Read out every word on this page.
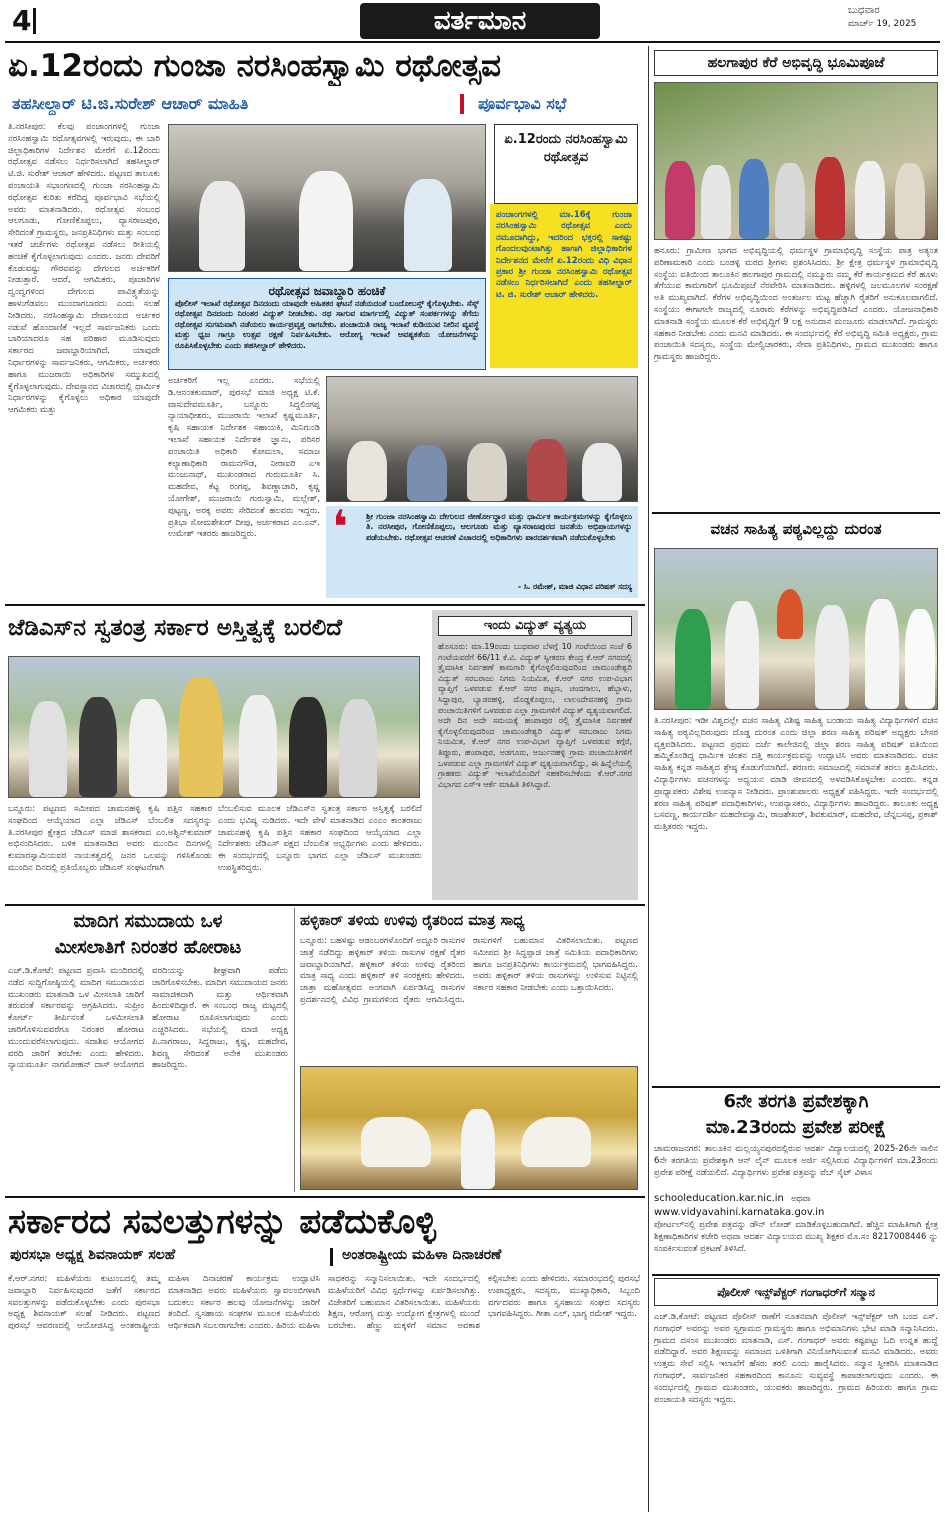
4	ವರ್ತಮಾನ	ಬುಧವಾರ
ಮಾರ್ಚ್ 19, 2025
ಏ.12ರಂದು ಗುಂಜಾ ನರಸಿಂಹಸ್ವಾಮಿ ರಥೋತ್ಸವ
ತಹಸೀಲ್ದಾರ್ ಟಿ.ಜಿ.ಸುರೇಶ್ ಆಚಾರ್ ಮಾಹಿತಿ	ಪೂರ್ವಭಾವಿ ಸಭೆ
ತಿ.ನರಸೀಪುರ: ಕೆಲವು ಪಂಚಾಂಗಗಳಲ್ಲಿ ಗುಂಜಾ ನರಸಿಂಹಸ್ವಾಮಿ ರಥೋತ್ಸವಗಳಲ್ಲಿ ಇರುವುದು, ಈ ಬಾರಿ ಜಿಲ್ಲಾಧಿಕಾರಿಗಳ ನಿರ್ದೇಶನ ಮೇರೆಗೆ ಏ.12ರಂದು ರಥೋತ್ಸವ ನಡೆಸಲು ನಿರ್ಧರಿಸಲಾಗಿದೆ ತಹಸೀಲ್ದಾರ್ ಟಿ.ಜಿ. ಸುರೇಶ್ ಆಚಾರ್ ಹೇಳಿದರು. ಪಟ್ಟಣದ ತಾಲೂಕು ಪಂಚಾಯತಿ ಸಭಾಂಗಣದಲ್ಲಿ ಗುಂಜಾ ನರಸಿಂಹಸ್ವಾಮಿ ರಥೋತ್ಸವ ಕುರಿತು ಕರೆದಿದ್ದ ಪೂರ್ವಭಾವಿ ಸಭೆಯಲ್ಲಿ ಅವರು ಮಾತನಾಡಿದರು. ರಥೋತ್ಸವ ಸಂಬಂಧ ಆಲಗೂಡು, ಗೋಣಿಕೊಪ್ಪಲು, ವ್ಯಾಸರಾಜಪುರ, ಸೇರಿದಂತೆ ಗ್ರಾಮಸ್ಥರು, ಜನಪ್ರತಿನಿಧಿಗಳು ಮತ್ತು ಸಂಬಂಧ ಇತರೆ ಚರ್ಚೆಗಳು ರಥೋತ್ಸವ ನಡೆಸಲು ರೀತಿಯಲ್ಲಿ ಹಂಚಿಕೆ ಕೈಗೊಳ್ಳಲಾಗುವುದು ಎಂದರು. ಜನರು ದೇವರಿಗೆ ಕೊಡುವಷ್ಟು ಗೌರವವನ್ನು ದೇಗುಲದ ಅರ್ಚಕರಿಗೆ ನೀಡುತ್ತಾರೆ. ಆದರೆ, ಆಗಮಿಕರು, ಪೂಜಾರಿಗಳ ದ್ವಂದ್ವಗಳಿಂದ ದೇಗುಲದ ಪಾವಿತ್ರ್ಯತೆಯನ್ನು ಹಾಳುಗೆಡವಲು ಮುಂದಾಗಬಾರದು ಎಂದು ಸಲಹೆ ನೀಡಿದರು. ನರಸಿಂಹಸ್ವಾಮಿ ದೇವಾಲಯದ ಅರ್ಚಕರ ನಡುವೆ ಹೊಂದಾಣಿಕೆ ಇಲ್ಲದೆ ಸಾರ್ವಜನಿಕರು ಒಂದು ಬಾರಿಯಾದರೂ ಸಹ ಪರಿಹಾರ ಮೂಡಿಸುವುದು ಸರ್ಕಾರದ ಜವಾಬ್ದಾರಿಯಾಗಿದೆ. ಯಾವುದೇ ನಿರ್ಧಾರಗಳನ್ನು ಸಾರ್ವಜನಿಕರು, ಆಗಮಿಕರು, ಅರ್ಚಕರು ಹಾಗೂ ಮುಜರಾಯಿ ಅಧಿಕಾರಿಗಳ ಸಮ್ಮುಖದಲ್ಲಿ ಕೈಗೊಳ್ಳಲಾಗುವುದು. ದೇವಸ್ಥಾನದ ವಿಚಾರದಲ್ಲಿ ಧಾರ್ಮಿಕ ನಿರ್ಧಾರಗಳನ್ನು ಕೈಗೊಳ್ಳಲು ಅಧಿಕಾರ ಯಾವುದೇ ಆಗಮಿಕರು ಮತ್ತು
ಏ.12ರಂದು ನರಸಿಂಹಸ್ವಾಮಿ ರಥೋತ್ಸವ
ಪಂಚಾಂಗಗಳಲ್ಲಿ ಮಾ.16ಕ್ಕೆ ಗುಂಜಾ ನರಸಿಂಹಸ್ವಾಮಿ ರಥೋತ್ಸವ ಎಂದು ನಮೂದಾಗಿದ್ದು, ಇದರಿಂದ ಭಕ್ತರಲ್ಲಿ ಸಾಕಷ್ಟು ಗೊಂದಲವುಂಟಾಗಿತ್ತು ಹಾಗಾಗಿ ಜಿಲ್ಲಾಧಿಕಾರಿಗಳ ನಿರ್ದೇಶನದ ಮೇರೆಗೆ ಏ.12ರಂದು ವಿಧಿ ವಿಧಾನ ಪ್ರಕಾರ ಶ್ರೀ ಗುಂಜಾ ನರಸಿಂಹಸ್ವಾಮಿ ರಥೋತ್ಸವ ನಡೆಸಲು ನಿರ್ಧರಿಸಲಾಗಿದೆ ಎಂದು ತಹಸೀಲ್ದಾರ್ ಟಿ. ಜಿ. ಸುರೇಶ್ ಆಚಾರ್ ಹೇಳಿದರು.
ರಥೋತ್ಸವ ಜವಾಬ್ದಾರಿ ಹಂಚಿಕೆ
ಪೊಲೀಸ್ ಇಲಾಖೆ ರಥೋತ್ಸವ ದಿನದಂದು ಯಾವುದೇ ಅಹಿತಕರ ಘಟನೆ ನಡೆಯದಂತೆ ಬಂದೋಬಸ್ತ್ ಕೈಗೊಳ್ಳಬೇಕು. ಸೆಸ್ಕ್ ರಥೋತ್ಸವ ದಿನದಂದು ನಿರಂತರ ವಿದ್ಯುತ್ ನೀಡಬೇಕು. ರಥ ಸಾಗುವ ಮಾರ್ಗದಲ್ಲಿ ವಿದ್ಯುತ್ ಸಂಪರ್ಕಗಳನ್ನು ತೆಗೆದು ರಥೋತ್ಸವ ಸುಗಮವಾಗಿ ನಡೆಯಲು ಕಾರ್ಯಪ್ರವೃತ್ತ ರಾಗಬೇಕು. ಪಂಚಾಯಿತಿ ರಾಜ್ಯ ಇಲಾಖೆ ಕುಡಿಯುವ ನೀರಿನ ವ್ಯವಸ್ಥೆ ಮತ್ತು ಧ್ವಜ ಗಾಗ್ರೂ ಉತ್ಸವ ರಕ್ಷಣೆ ನಿರ್ವಹಿಸಬೇಕು. ಆರೋಗ್ಯ ಇಲಾಖೆ ಅವಶ್ಯಕತೆಯ ಯೋಜನೆಗಳನ್ನು ರೂಪಿಸಿಕೊಳ್ಳಬೇಕು ಎಂದು ತಹಸೀಲ್ದಾರ್ ಹೇಳಿದರು.
ಅರ್ಚಕರಿಗೆ ಇಲ್ಲ ಎಂದರು. ಸಭೆಯಲ್ಲಿ ಡಿ.ಆನಂತಕುಮಾರ್, ಪುರಸಭೆ ಮಾಜಿ ಅಧ್ಯಕ್ಷ ಟಿ.ಕೆ. ವಾಸುದೇವಮೂರ್ತಿ, ಬನ್ನೂರು ಸಿದ್ದಲಿಂಗಪ್ಪ ನ್ಯಾಯಾಧೀಶರು, ಮುಜರಾಯಿ ಇಲಾಖೆ ಕೃಷ್ಣಮೂರ್ತಿ, ಕೃಷಿ ಸಹಾಯಕ ನಿರ್ದೇಶಕ ಸಹಾಯಕಿ, ಮಿನಿಗುಂಡಿ ಇಲಾಖೆ ಸಹಾಯಕ ನಿರ್ದೇಶಕ ಜ್ಞಾನು, ಪರಿಸರ ಪಂಚಾಯಿತಿ ಅಧಿಕಾರಿ ಕೋಮಲಾ, ಸಮಾಜ ಕಲ್ಯಾಣಾಧಿಕಾರಿ ರಾಮನಗೌಡ, ನೀರಾವರಿ ಎಇ ಮಂಜುನಾಥ್, ಮುಖಂಡರಾದ ಗುರುಮೂರ್ತಿ ಸಿ. ಮಹದೇವ, ಕೆಟ್ಟ ರಂಗಪ್ಪ, ಶಿವಣ್ಣಾಚಾರಿ, ಕೃಷ್ಣ ಯೋಗೇಶ್, ಮುಜರಾಯಿ ಗುರುಸ್ವಾಮಿ, ಮಲ್ಲೇಶ್, ಪುಟ್ಟಣ್ಣ, ಅರಕ್ಕ ಅವರು ಸೇರಿದಂತೆ ಹಲವರು ಇದ್ದರು. ಪ್ರತಿಭಾ ಸೋಮಶೇಖರ್ ದೀಪು, ಅರ್ಚಕರಾದ ಎಂ.ಎನ್. ಉಮೇಶ್ ಇತರರು ಹಾಜರಿದ್ದರು.	❛ ಶ್ರೀ ಗುಂಜಾ ನರಸಿಂಹಸ್ವಾಮಿ ದೇಗುಲದ ಜೀರ್ಣೋದ್ಧಾರ ಮತ್ತು ಧಾರ್ಮಿಕ ಕಾರ್ಯಕ್ರಮಗಳನ್ನು ಕೈಗೊಳ್ಳಲು ತಿ. ನರಸೀಪುರ, ಗೋಣಿಕೊಪ್ಪಲು, ಆಲಗೂಡು ಮತ್ತು ವ್ಯಾಸರಾಜಪುರದ ಜನತೆಯ ಅಭಿಪ್ರಾಯಗಳನ್ನು ಪಡೆಯಬೇಕು. ರಥೋತ್ಸವ ಆಚರಣೆ ವಿಚಾರದಲ್ಲಿ ಅಧಿಕಾರಿಗಳು ಪಾರದರ್ಶಕವಾಗಿ ನಡೆದುಕೊಳ್ಳಬೇಕು
- ಸಿ. ರಮೇಶ್, ಮಾಜಿ ವಿಧಾನ ಪರಿಷತ್ ಸದಸ್ಯ
ಜೆಡಿಎಸ್‌ನ ಸ್ವತಂತ್ರ ಸರ್ಕಾರ ಅಸ್ತಿತ್ವಕ್ಕೆ ಬರಲಿದೆ
ಬನ್ನೂರು: ಪಟ್ಟಣದ ಸಮೀಪದ ಚಾಮನಹಳ್ಳಿ ಕೃಷಿ ಪತ್ತಿನ ಸಹಕಾರ ಸಂಘದಿಂದ ಆಯ್ಕೆಯಾದ ಎಲ್ಲಾ ಜೆಡಿಎಸ್ ಬೆಂಬಲಿತ ಸದಸ್ಯರನ್ನು ತಿ.ನರಸೀಪುರ ಕ್ಷೇತ್ರದ ಜೆಡಿಎಸ್ ಮಾಜಿ ಶಾಸಕರಾದ ಎಂ.ಅಶ್ವಿನ್‌ಕುಮಾರ್ ಅಭಿನಂದಿಸಿದರು. ಬಳಿಕ ಮಾತನಾಡಿದ ಅವರು ಮುಂದಿನ ದಿನಗಳಲ್ಲಿ ಕುಮಾರಸ್ವಾಮಿಯವರ ನಾಯಕತ್ವದಲ್ಲಿ ಜನರ ಒಲವನ್ನು ಗಳಿಸಿಕೊಂಡು ಮುಂದಿನ ದಿನದಲ್ಲಿ ಪ್ರತಿಯೊಬ್ಬರು ಜೆಡಿಎಸ್ ಸಂಘಟನೆಗಾಗಿ
ಬೆಂಬಲಿಸುವ ಮೂಲಕ ಜೆಡಿಎಸ್‌ನ ಸ್ವತಂತ್ರ ಸರ್ಕಾರ ಅಸ್ತಿತ್ವಕ್ಕೆ ಬರಲಿದೆ ಎಂದು ಭವಿಷ್ಯ ನುಡಿದರು. ಇದೇ ವೇಳೆ ಮಾತನಾಡಿದ ಎಂಎಂ ಕಾಂತರಾಜು ಚಾಮನಹಳ್ಳಿ ಕೃಷಿ ಪತ್ತಿನ ಸಹಕಾರ ಸಂಘದಿಂದ ಆಯ್ಕೆಯಾದ ಎಲ್ಲಾ ನಿರ್ದೇಶಕರು ಜೆಡಿಎಸ್ ಪಕ್ಷದ ಬೆಂಬಲಿತ ಅಭ್ಯರ್ಥಿಗಳು ಎಂದು ಹೇಳಿದರು. ಈ ಸಂದರ್ಭದಲ್ಲಿ ಬನ್ನೂರು ಭಾಗದ ಎಲ್ಲಾ ಜೆಡಿಎಸ್ ಮುಖಂಡರು ಉಪಸ್ಥಿತರಿದ್ದರು.
ಇಂದು ವಿದ್ಯುತ್ ವ್ಯತ್ಯಯ
ಹೊಸೂರು: ಮಾ.19ರಂದು ಬುಧವಾರ ಬೆಳಗ್ಗೆ 10 ಗಂಟೆಯಿಂದ ಸಂಜೆ 6 ಗಂಟೆಯವರೆಗೆ 66/11 ಕೆ.ವಿ. ವಿದ್ಯುತ್ ಸ್ವೀಕರಣ ಕೇಂದ್ರ ಕೆ.ಆರ್ ನಗರದಲ್ಲಿ ತ್ರೈಮಾಸಿಕ ನಿರ್ವಹಣೆ ಕಾಮಗಾರಿ ಕೈಗೊಳ್ಳಲಿರುವುದರಿಂದ ಚಾಮುಂಡೇಶ್ವರಿ ವಿದ್ಯುತ್ ಸರಬರಾಜು ನಿಗಮ ನಿಯಮಿತ, ಕೆ.ಆರ್ ನಗರ ಉಪ-ವಿಭಾಗ ವ್ಯಾಪ್ತಿಗೆ ಒಳಪಡುವ ಕೆ.ಆರ್ ನಗರ ಪಟ್ಟಣ, ಚಂದಗಾಲು, ಹೆಬ್ಬಾಳು, ಸಿದ್ದಾಪುರ, ಬ್ಯಾಡರಹಳ್ಳಿ, ದೊಡ್ಡಕೊಪ್ಪಲು, ಲಾಲಂದೇವನಹಳ್ಳಿ ಗ್ರಾಮ ಪಂಚಾಯಿತಿಗಳಿಗೆ ಒಳಪಡುವ ಎಲ್ಲಾ ಗ್ರಾಮಗಳಿಗೆ ವಿದ್ಯುತ್ ವ್ಯತ್ಯಯವಾಗಲಿದೆ. ಅದೇ ದಿನ ಅದೇ ಸಮಯಕ್ಕೆ ಹಂಪಾಪುರ ರಲ್ಲಿ ತ್ರೈಮಾಸಿಕ ನಿರ್ವಹಣೆ ಕೈಗೊಳ್ಳಲಿರುವುದರಿಂದ ಚಾಮುಂಡೇಶ್ವರಿ ವಿದ್ಯುತ್ ಸರಬರಾಜು ನಿಗಮ ನಿಯಮಿತ, ಕೆ.ಆರ್ ನಗರ ಉಪ-ವಿಭಾಗ ವ್ಯಾಪ್ತಿಗೆ ಒಳಪಡುವ ಕಗ್ಗೆರೆ, ತಿಪ್ಪೂರು, ಹಂಪಾಪುರ, ಅಡಗೂರು, ಅರ್ಜುನಹಳ್ಳಿ ಗ್ರಾಮ ಪಂಚಾಯಿತಿಗಳಿಗೆ ಒಳಪಡುವ ಎಲ್ಲಾ ಗ್ರಾಮಗಳಿಗೆ ವಿದ್ಯುತ್ ವ್ಯತ್ಯಯವಾಗಲಿದ್ದು, ಈ ಹಿನ್ನೆಲೆಯಲ್ಲಿ ಗ್ರಾಹಕರು ವಿದ್ಯುತ್ ಇಲಾಖೆಯೊಂದಿಗೆ ಸಹಕರಿಸಬೇಕೆಂದು ಕೆ.ಆರ್.ನಗರ ವಿಭಾಗದ ಎಸ್ಇ ಆರ್ಕೆ ಮಾಹಿತಿ ತಿಳಿಸಿದ್ದಾರೆ.
ಮಾದಿಗ ಸಮುದಾಯ ಒಳ
ಮೀಸಲಾತಿಗೆ ನಿರಂತರ ಹೋರಾಟ
ಎಚ್.ಡಿ.ಕೋಟೆ: ಪಟ್ಟಣದ ಪ್ರವಾಸಿ ಮಂದಿರದಲ್ಲಿ ನಡೆದ ಸುದ್ದಿಗೋಷ್ಠಿಯಲ್ಲಿ ಮಾದಿಗ ಸಮುದಾಯದ ಮುಖಂಡರು ಮಾತನಾಡಿ ಒಳ ಮೀಸಲಾತಿ ಜಾರಿಗೆ ತರುವಂತೆ ಸರ್ಕಾರವನ್ನು ಆಗ್ರಹಿಸಿದರು. ಸುಪ್ರೀಂ ಕೋರ್ಟ್ ತೀರ್ಪಿನಂತೆ ಒಳಮೀಸಲಾತಿ ಜಾರಿಗೊಳಿಸುವವರೆಗೂ ನಿರಂತರ ಹೋರಾಟ ಮುಂದುವರೆಸಲಾಗುವುದು. ಸದಾಶಿವ ಆಯೋಗದ ವರದಿ ಜಾರಿಗೆ ತರಬೇಕು ಎಂದು ಹೇಳಿದರು. ನ್ಯಾಯಮೂರ್ತಿ ನಾಗಮೋಹನ್ ದಾಸ್ ಆಯೋಗದ ವರದಿಯನ್ನು ಶೀಘ್ರವಾಗಿ ಪಡೆದು ಜಾರಿಗೊಳಿಸಬೇಕು. ಮಾದಿಗ ಸಮುದಾಯದ ಜನರು ಸಾಮಾಜಿಕವಾಗಿ ಮತ್ತು ಆರ್ಥಿಕವಾಗಿ ಹಿಂದುಳಿದಿದ್ದಾರೆ. ಈ ಸಂಬಂಧ ರಾಜ್ಯ ಮಟ್ಟದಲ್ಲಿ ಹೋರಾಟ ರೂಪಿಸಲಾಗುವುದು ಎಂದು ಎಚ್ಚರಿಸಿದರು. ಸಭೆಯಲ್ಲಿ ಮಾಜಿ ಅಧ್ಯಕ್ಷ ಪಿ.ನಾಗರಾಜು, ಸಿದ್ದರಾಜು, ಕೃಷ್ಣ, ಮಹದೇವ, ಶಿವಣ್ಣ ಸೇರಿದಂತೆ ಅನೇಕ ಮುಖಂಡರು ಹಾಜರಿದ್ದರು.
ಹಳ್ಳಿಕಾರ್ ತಳಿಯ ಉಳಿವು ರೈತರಿಂದ ಮಾತ್ರ ಸಾಧ್ಯ
ಬನ್ನೂರು: ಬಹಳಷ್ಟು ಆಡಂಬರಗಳೊಂದಿಗೆ ಅದ್ದೂರಿ ರಾಸುಗಳ ಜಾತ್ರೆ ನಡೆದಿದ್ದು ಹಳ್ಳಿಕಾರ್ ತಳಿಯ ರಾಸುಗಳ ರಕ್ಷಣೆ ರೈತರ ಜವಾಬ್ದಾರಿಯಾಗಿದೆ. ಹಳ್ಳಿಕಾರ್ ತಳಿಯ ಉಳಿವು ರೈತರಿಂದ ಮಾತ್ರ ಸಾಧ್ಯ ಎಂದು ಹಳ್ಳಿಕಾರ್ ತಳಿ ಸಂರಕ್ಷಕರು ಹೇಳಿದರು. ಜಾತ್ರಾ ಮಹೋತ್ಸವದ ಅಂಗವಾಗಿ ಏರ್ಪಡಿಸಿದ್ದ ರಾಸುಗಳ ಪ್ರದರ್ಶನದಲ್ಲಿ ವಿವಿಧ ಗ್ರಾಮಗಳಿಂದ ರೈತರು ಆಗಮಿಸಿದ್ದರು. ರಾಸುಗಳಿಗೆ ಬಹುಮಾನ ವಿತರಿಸಲಾಯಿತು. ಪಟ್ಟಣದ ಸಮೀಪದ ಶ್ರೀ ಸಿದ್ಧಪ್ಪಾಜಿ ಜಾತ್ರೆ ಸಮಿತಿಯ ಪದಾಧಿಕಾರಿಗಳು ಹಾಗೂ ಜನಪ್ರತಿನಿಧಿಗಳು ಕಾರ್ಯಕ್ರಮದಲ್ಲಿ ಭಾಗವಹಿಸಿದ್ದರು. ಅವರು ಹಳ್ಳಿಕಾರ್ ತಳಿಯ ರಾಸುಗಳನ್ನು ಉಳಿಸುವ ನಿಟ್ಟಿನಲ್ಲಿ ಸರ್ಕಾರ ಸಹಕಾರ ನೀಡಬೇಕು ಎಂದು ಒತ್ತಾಯಿಸಿದರು.
ಸರ್ಕಾರದ ಸವಲತ್ತುಗಳನ್ನು ಪಡೆದುಕೊಳ್ಳಿ
ಪುರಸಭಾ ಅಧ್ಯಕ್ಷ ಶಿವನಾಯಕ್ ಸಲಹೆ	ಅಂತರಾಷ್ಟ್ರೀಯ ಮಹಿಳಾ ದಿನಾಚರಣೆ
ಕೆ.ಆರ್.ನಗರ: ಮಹಿಳೆಯರು ಕುಟುಂಬದಲ್ಲಿ ತಮ್ಮ ಜವಾಬ್ದಾರಿ ನಿರ್ವಹಿಸುವುದರ ಜತೆಗೆ ಸರ್ಕಾರದ ಸವಲತ್ತುಗಳನ್ನು ಪಡೆದುಕೊಳ್ಳಬೇಕು ಎಂದು ಪುರಸಭಾ ಅಧ್ಯಕ್ಷ ಶಿವನಾಯಕ್ ಸಲಹೆ ನೀಡಿದರು. ಪಟ್ಟಣದ ಪುರಸಭೆ ಆವರಣದಲ್ಲಿ ಆಯೋಜಿಸಿದ್ದ ಅಂತರಾಷ್ಟ್ರೀಯ ಮಹಿಳಾ ದಿನಾಚರಣೆ ಕಾರ್ಯಕ್ರಮ ಉದ್ಘಾಟಿಸಿ ಮಾತನಾಡಿದ ಅವರು ಮಹಿಳೆಯರು ಸ್ವಾವಲಂಬಿಗಳಾಗಿ ಬದುಕಲು ಸರ್ಕಾರ ಹಲವು ಯೋಜನೆಗಳನ್ನು ಜಾರಿಗೆ ತಂದಿದೆ. ಸ್ವಸಹಾಯ ಸಂಘಗಳ ಮೂಲಕ ಮಹಿಳೆಯರು ಆರ್ಥಿಕವಾಗಿ ಸಬಲರಾಗಬೇಕು ಎಂದರು. ಹಿರಿಯ ಮಹಿಳಾ ಸಾಧಕರನ್ನು ಸನ್ಮಾನಿಸಲಾಯಿತು. ಇದೇ ಸಂದರ್ಭದಲ್ಲಿ ಮಹಿಳೆಯರಿಗೆ ವಿವಿಧ ಸ್ಪರ್ಧೆಗಳನ್ನು ಏರ್ಪಡಿಸಲಾಗಿತ್ತು. ವಿಜೇತರಿಗೆ ಬಹುಮಾನ ವಿತರಿಸಲಾಯಿತು. ಮಹಿಳೆಯರು ಶಿಕ್ಷಣ, ಆರೋಗ್ಯ ಮತ್ತು ಉದ್ಯೋಗ ಕ್ಷೇತ್ರಗಳಲ್ಲಿ ಮುಂದೆ ಬರಬೇಕು. ಹೆಣ್ಣು ಮಕ್ಕಳಿಗೆ ಸಮಾನ ಅವಕಾಶ ಕಲ್ಪಿಸಬೇಕು ಎಂದು ಹೇಳಿದರು. ಸಮಾರಂಭದಲ್ಲಿ ಪುರಸಭೆ ಉಪಾಧ್ಯಕ್ಷರು, ಸದಸ್ಯರು, ಮುಖ್ಯಾಧಿಕಾರಿ, ಸಿಬ್ಬಂದಿ ವರ್ಗದವರು ಹಾಗೂ ಸ್ವಸಹಾಯ ಸಂಘದ ಸದಸ್ಯರು ಭಾಗವಹಿಸಿದ್ದರು. ಗೀತಾ ಎಲ್, ಭಾಗ್ಯ ರಮೇಶ್ ಇದ್ದರು.
ಹಲಗಾಪುರ ಕೆರೆ ಅಭಿವೃದ್ಧಿ ಭೂಮಿಪೂಜೆ
ಹನೂರು: ಗ್ರಾಮೀಣ ಭಾಗದ ಅಭಿವೃದ್ಧಿಯಲ್ಲಿ ಧರ್ಮಸ್ಥಳ ಗ್ರಾಮಾಭಿವೃದ್ಧಿ ಸಂಸ್ಥೆಯ ಪಾತ್ರ ಅತ್ಯಂತ ಪರಿಣಾಮಕಾರಿ ಎಂದು ಬಂಡಳ್ಳಿ ಮಠದ ಶ್ರೀಗಳು ಪ್ರಶಂಸಿಸಿದರು. ಶ್ರೀ ಕ್ಷೇತ್ರ ಧರ್ಮಸ್ಥಳ ಗ್ರಾಮಾಭಿವೃದ್ಧಿ ಸಂಸ್ಥೆಯ ವತಿಯಿಂದ ತಾಲೂಕಿನ ಹಲಗಾಪುರ ಗ್ರಾಮದಲ್ಲಿ ನಮ್ಮೂರು ನಮ್ಮ ಕೆರೆ ಕಾರ್ಯಕ್ರಮದ ಕೆರೆ ಹೂಳು ತೆಗೆಯುವ ಕಾಮಗಾರಿಗೆ ಭೂಮಿಪೂಜೆ ನೆರವೇರಿಸಿ ಮಾತನಾಡಿದರು. ಹಳ್ಳಿಗಳಲ್ಲಿ ಜಲಮೂಲಗಳ ಸಂರಕ್ಷಣೆ ಅತಿ ಮುಖ್ಯವಾಗಿದೆ. ಕೆರೆಗಳ ಅಭಿವೃದ್ಧಿಯಿಂದ ಅಂತರ್ಜಲ ಮಟ್ಟ ಹೆಚ್ಚಾಗಿ ರೈತರಿಗೆ ಅನುಕೂಲವಾಗಲಿದೆ. ಸಂಸ್ಥೆಯು ಈಗಾಗಲೇ ರಾಜ್ಯದಲ್ಲಿ ನೂರಾರು ಕೆರೆಗಳನ್ನು ಅಭಿವೃದ್ಧಿಪಡಿಸಿದೆ ಎಂದರು. ಯೋಜನಾಧಿಕಾರಿ ಮಾತನಾಡಿ ಸಂಸ್ಥೆಯ ಮೂಲಕ ಕೆರೆ ಅಭಿವೃದ್ಧಿಗೆ 9 ಲಕ್ಷ ಅನುದಾನ ಮಂಜೂರು ಮಾಡಲಾಗಿದೆ. ಗ್ರಾಮಸ್ಥರು ಸಹಕಾರ ನೀಡಬೇಕು ಎಂದು ಮನವಿ ಮಾಡಿದರು. ಈ ಸಂದರ್ಭದಲ್ಲಿ ಕೆರೆ ಅಭಿವೃದ್ಧಿ ಸಮಿತಿ ಅಧ್ಯಕ್ಷರು, ಗ್ರಾಮ ಪಂಚಾಯಿತಿ ಸದಸ್ಯರು, ಸಂಸ್ಥೆಯ ಮೇಲ್ವಿಚಾರಕರು, ಸೇವಾ ಪ್ರತಿನಿಧಿಗಳು, ಗ್ರಾಮದ ಮುಖಂಡರು ಹಾಗೂ ಗ್ರಾಮಸ್ಥರು ಹಾಜರಿದ್ದರು.
ವಚನ ಸಾಹಿತ್ಯ ಪಠ್ಯವಿಲ್ಲದ್ದು ದುರಂತ
ತಿ.ನರಸೀಪುರ: ಇಡೀ ವಿಶ್ವದಲ್ಲೇ ವಚನ ಸಾಹಿತ್ಯ ವಿಶಿಷ್ಟ ಸಾಹಿತ್ಯ ಬಂಡಾಯ ಸಾಹಿತ್ಯ ವಿದ್ಯಾರ್ಥಿಗಳಿಗೆ ವಚನ ಸಾಹಿತ್ಯ ಪಠ್ಯವಿಲ್ಲದಿರುವುದು ದೊಡ್ಡ ದುರಂತ ಎಂದು ಜಿಲ್ಲಾ ಶರಣ ಸಾಹಿತ್ಯ ಪರಿಷತ್ ಅಧ್ಯಕ್ಷರು ಬೇಸರ ವ್ಯಕ್ತಪಡಿಸಿದರು. ಪಟ್ಟಣದ ಪ್ರಥಮ ದರ್ಜೆ ಕಾಲೇಜಿನಲ್ಲಿ ಜಿಲ್ಲಾ ಶರಣ ಸಾಹಿತ್ಯ ಪರಿಷತ್ ವತಿಯಿಂದ ಹಮ್ಮಿಕೊಂಡಿದ್ದ ಧಾರ್ಮಿಕ ಚಿಂತನ ದತ್ತಿ ಕಾರ್ಯಕ್ರಮವನ್ನು ಉದ್ಘಾಟಿಸಿ ಅವರು ಮಾತನಾಡಿದರು. ವಚನ ಸಾಹಿತ್ಯ ಕನ್ನಡ ಸಾಹಿತ್ಯದ ಶ್ರೇಷ್ಠ ಕೊಡುಗೆಯಾಗಿದೆ. ಶರಣರು ಸಮಾಜದಲ್ಲಿ ಸಮಾನತೆ ತರಲು ಶ್ರಮಿಸಿದರು. ವಿದ್ಯಾರ್ಥಿಗಳು ವಚನಗಳನ್ನು ಅಧ್ಯಯನ ಮಾಡಿ ಜೀವನದಲ್ಲಿ ಅಳವಡಿಸಿಕೊಳ್ಳಬೇಕು ಎಂದರು. ಕನ್ನಡ ಪ್ರಾಧ್ಯಾಪಕರು ವಿಶೇಷ ಉಪನ್ಯಾಸ ನೀಡಿದರು. ಪ್ರಾಂಶುಪಾಲರು ಅಧ್ಯಕ್ಷತೆ ವಹಿಸಿದ್ದರು. ಇದೇ ಸಂದರ್ಭದಲ್ಲಿ ಶರಣ ಸಾಹಿತ್ಯ ಪರಿಷತ್ ಪದಾಧಿಕಾರಿಗಳು, ಉಪನ್ಯಾಸಕರು, ವಿದ್ಯಾರ್ಥಿಗಳು ಹಾಜರಿದ್ದರು. ತಾಲೂಕು ಅಧ್ಯಕ್ಷ ಬಸವಣ್ಣ, ಕಾರ್ಯದರ್ಶಿ ಮಹದೇವಸ್ವಾಮಿ, ರಾಜಶೇಖರ್, ಶಿವಕುಮಾರ್, ಮಹದೇವ, ಚೆನ್ನಬಸಪ್ಪ, ಪ್ರಕಾಶ್ ಮತ್ತಿತರರು ಇದ್ದರು.
6ನೇ ತರಗತಿ ಪ್ರವೇಶಕ್ಕಾಗಿ
ಮಾ.23ರಂದು ಪ್ರವೇಶ ಪರೀಕ್ಷೆ
ಚಾಮರಾಜನಗರ: ತಾಲೂಕಿನ ಮಲ್ಲಯ್ಯನಪುರದಲ್ಲಿರುವ ಆದರ್ಶ ವಿದ್ಯಾಲಯದಲ್ಲಿ 2025-26ನೇ ಸಾಲಿನ 6ನೇ ತರಗತಿಯ ಪ್ರವೇಶಕ್ಕಾಗಿ ಆನ್ ಲೈನ್ ಮೂಲಕ ಅರ್ಜಿ ಸಲ್ಲಿಸಿರುವ ವಿದ್ಯಾರ್ಥಿಗಳಿಗೆ ಮಾ.23ರಂದು ಪ್ರವೇಶ ಪರೀಕ್ಷೆ ನಡೆಯಲಿದೆ. ವಿದ್ಯಾರ್ಥಿಗಳು ಪ್ರವೇಶ ಪತ್ರವನ್ನು ವೆಬ್ ಸೈಟ್ ವಿಳಾಸ
schooleducation.kar.nic.in ಅಥವಾ www.vidyavahini.karnataka.gov.in
ಪೋರ್ಟಲ್‌ನಲ್ಲಿ ಪ್ರವೇಶ ಪತ್ರವನ್ನು ಡೌನ್ ಲೋಡ್ ಮಾಡಿಕೊಳ್ಳಬಹುದಾಗಿದೆ. ಹೆಚ್ಚಿನ ಮಾಹಿತಿಗಾಗಿ ಕ್ಷೇತ್ರ ಶಿಕ್ಷಣಾಧಿಕಾರಿಗಳ ಕಚೇರಿ ಅಥವಾ ಆದರ್ಶ ವಿದ್ಯಾಲಯದ ಮುಖ್ಯ ಶಿಕ್ಷಕರ ಮೊ.ಸಂ 8217008446 ನ್ನು ಸಂಪರ್ಕಿಸುವಂತೆ ಪ್ರಕಟಣೆ ತಿಳಿಸಿದೆ.
ಪೊಲೀಸ್ ಇನ್ಸ್‌ಪೆಕ್ಟರ್ ಗಂಗಾಧರ್‌ಗೆ ಸನ್ಮಾನ
ಎಚ್.ಡಿ.ಕೋಟೆ: ಪಟ್ಟಣದ ಪೊಲೀಸ್ ಠಾಣೆಗೆ ನೂತನವಾಗಿ ಪೊಲೀಸ್ ಇನ್ಸ್‌ಪೆಕ್ಟರ್ ಆಗಿ ಬಂದ ಎಸ್. ಗಂಗಾಧರ್ ಅವರನ್ನು ಅವರ ಸ್ವಗ್ರಾಮದ ಗ್ರಾಮಸ್ಥರು ಹಾಗೂ ಅಭಿಮಾನಿಗಳು ಭೇಟಿ ಮಾಡಿ ಸನ್ಮಾನಿಸಿದರು. ಗ್ರಾಮದ ದಸಂಸ ಮುಖಂಡರು ಮಾತನಾಡಿ, ಎಸ್. ಗಂಗಾಧರ್ ಅವರು ಕಷ್ಟಪಟ್ಟು ಓದಿ ಉನ್ನತ ಹುದ್ದೆ ಪಡೆದಿದ್ದಾರೆ. ಅವರ ಶಿಕ್ಷಣವನ್ನು ಸಮಾಜದ ಒಳಿತಿಗಾಗಿ ವಿನಿಯೋಗಿಸುವಂತೆ ಮನವಿ ಮಾಡಿದರು. ಅವರು ಉತ್ತಮ ಸೇವೆ ಸಲ್ಲಿಸಿ ಇಲಾಖೆಗೆ ಹೆಸರು ತರಲಿ ಎಂದು ಹಾರೈಸಿದರು. ಸನ್ಮಾನ ಸ್ವೀಕರಿಸಿ ಮಾತನಾಡಿದ ಗಂಗಾಧರ್, ಸಾರ್ವಜನಿಕರ ಸಹಕಾರದಿಂದ ಕಾನೂನು ಸುವ್ಯವಸ್ಥೆ ಕಾಪಾಡಲಾಗುವುದು ಎಂದರು. ಈ ಸಂದರ್ಭದಲ್ಲಿ ಗ್ರಾಮದ ಮುಖಂಡರು, ಯುವಕರು ಹಾಜರಿದ್ದರು. ಗ್ರಾಮದ ಹಿರಿಯರು ಹಾಗೂ ಗ್ರಾಮ ಪಂಚಾಯತಿ ಸದಸ್ಯರು ಇದ್ದರು.
